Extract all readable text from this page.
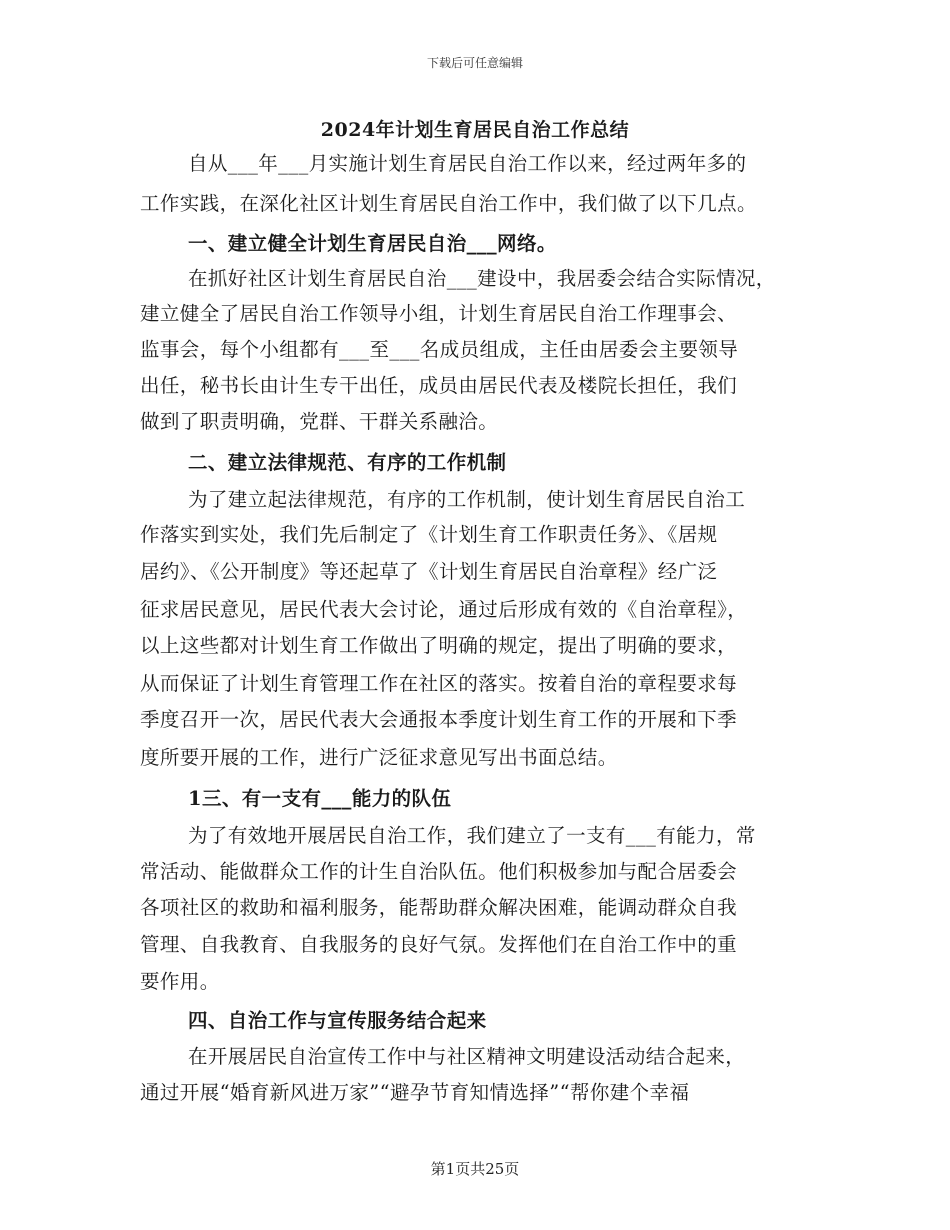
下载后可任意编辑
2024年计划生育居民自治工作总结
自从___年___月实施计划生育居民自治工作以来，经过两年多的
工作实践，在深化社区计划生育居民自治工作中，我们做了以下几点。
一、建立健全计划生育居民自治___网络。
在抓好社区计划生育居民自治___建设中，我居委会结合实际情况，
建立健全了居民自治工作领导小组，计划生育居民自治工作理事会、
监事会，每个小组都有___至___名成员组成，主任由居委会主要领导
出任，秘书长由计生专干出任，成员由居民代表及楼院长担任，我们
做到了职责明确，党群、干群关系融洽。
二、建立法律规范、有序的工作机制
为了建立起法律规范，有序的工作机制，使计划生育居民自治工
作落实到实处，我们先后制定了《计划生育工作职责任务》、《居规
居约》、《公开制度》等还起草了《计划生育居民自治章程》经广泛
征求居民意见，居民代表大会讨论，通过后形成有效的《自治章程》，
以上这些都对计划生育工作做出了明确的规定，提出了明确的要求，
从而保证了计划生育管理工作在社区的落实。按着自治的章程要求每
季度召开一次，居民代表大会通报本季度计划生育工作的开展和下季
度所要开展的工作，进行广泛征求意见写出书面总结。
1三、有一支有___能力的队伍
为了有效地开展居民自治工作，我们建立了一支有___有能力，常
常活动、能做群众工作的计生自治队伍。他们积极参加与配合居委会
各项社区的救助和福利服务，能帮助群众解决困难，能调动群众自我
管理、自我教育、自我服务的良好气氛。发挥他们在自治工作中的重
要作用。
四、自治工作与宣传服务结合起来
在开展居民自治宣传工作中与社区精神文明建设活动结合起来，
通过开展“婚育新风进万家”“避孕节育知情选择”“帮你建个幸福
第1页共25页
